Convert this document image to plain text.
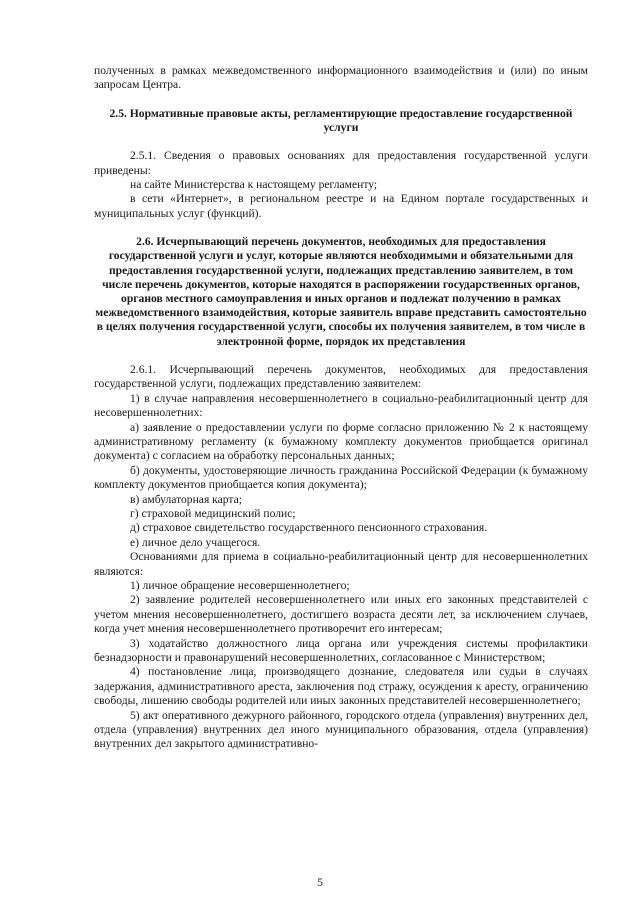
полученных в рамках межведомственного информационного взаимодействия и (или) по иным запросам Центра.

2.5. Нормативные правовые акты, регламентирующие предоставление государственной услуги

2.5.1. Сведения о правовых основаниях для предоставления государственной услуги приведены:

на сайте Министерства к настоящему регламенту;

в сети «Интернет», в региональном реестре и на Едином портале государственных и муниципальных услуг (функций).

2.6. Исчерпывающий перечень документов, необходимых для предоставления государственной услуги и услуг, которые являются необходимыми и обязательными для предоставления государственной услуги, подлежащих представлению заявителем, в том числе перечень документов, которые находятся в распоряжении государственных органов, органов местного самоуправления и иных органов и подлежат получению в рамках межведомственного взаимодействия, которые заявитель вправе представить самостоятельно в целях получения государственной услуги, способы их получения заявителем, в том числе в электронной форме, порядок их представления

2.6.1. Исчерпывающий перечень документов, необходимых для предоставления государственной услуги, подлежащих представлению заявителем:

1) в случае направления несовершеннолетнего в социально-реабилитационный центр для несовершеннолетних:

а) заявление о предоставлении услуги по форме согласно приложению № 2 к настоящему административному регламенту (к бумажному комплекту документов приобщается оригинал документа) с согласием на обработку персональных данных;

б) документы, удостоверяющие личность гражданина Российской Федерации (к бумажному комплекту документов приобщается копия документа);

в) амбулаторная карта;

г) страховой медицинский полис;

д) страховое свидетельство государственного пенсионного страхования.

е) личное дело учащегося.

Основаниями для приема в социально-реабилитационный центр для несовершеннолетних являются:

1) личное обращение несовершеннолетнего;

2) заявление родителей несовершеннолетнего или иных его законных представителей с учетом мнения несовершеннолетнего, достигшего возраста десяти лет, за исключением случаев, когда учет мнения несовершеннолетнего противоречит его интересам;

3) ходатайство должностного лица органа или учреждения системы профилактики безнадзорности и правонарушений несовершеннолетних, согласованное с Министерством;

4) постановление лица, производящего дознание, следователя или судьи в случаях задержания, административного ареста, заключения под стражу, осуждения к аресту, ограничению свободы, лишению свободы родителей или иных законных представителей несовершеннолетнего;

5) акт оперативного дежурного районного, городского отдела (управления) внутренних дел, отдела (управления) внутренних дел иного муниципального образования, отдела (управления) внутренних дел закрытого административно-

5
